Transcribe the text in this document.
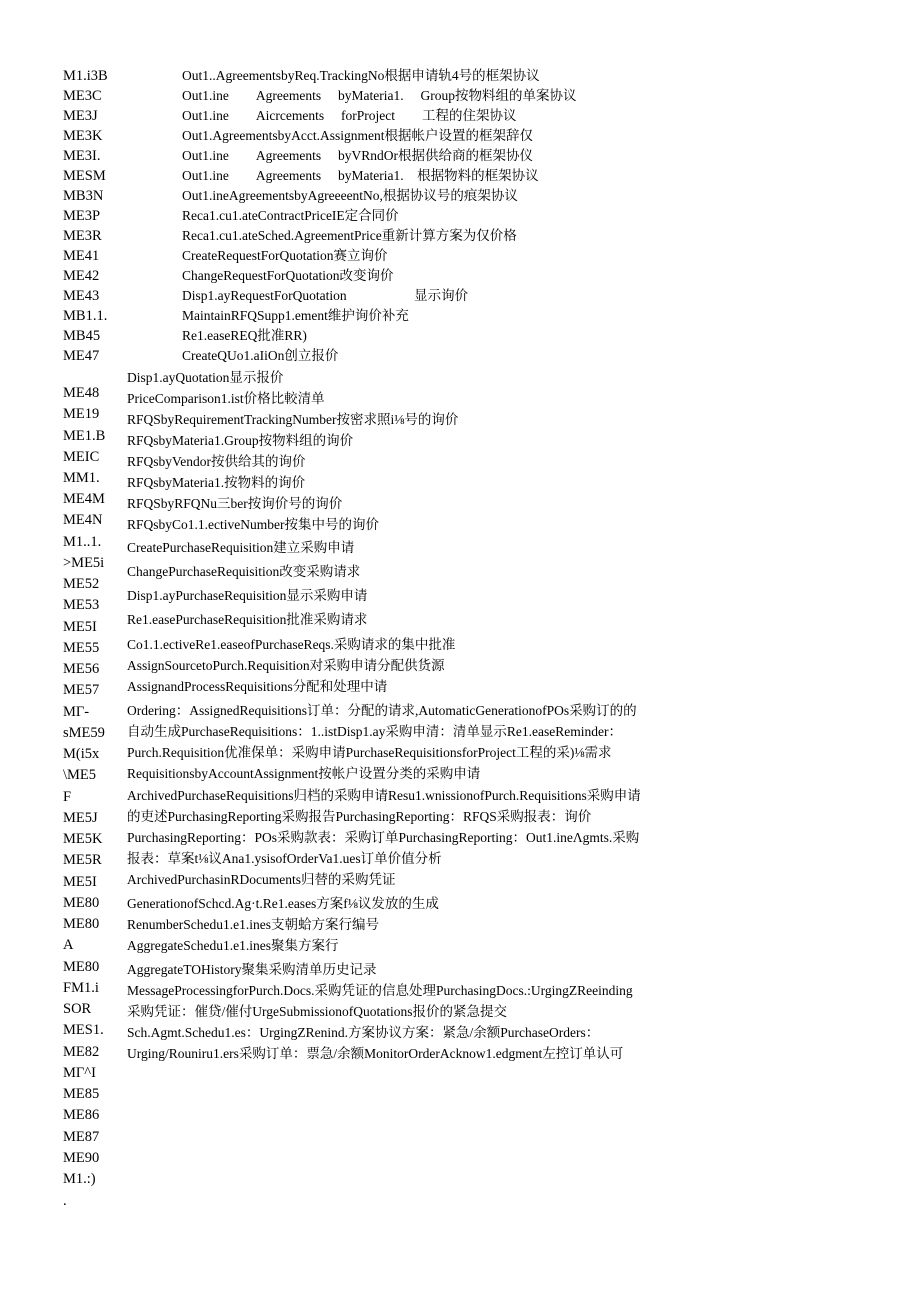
M1.i3B
ME3C
ME3J
ME3K
ME3I.
MESM
MB3N
ME3P
ME3R
ME41
ME42
ME43
MB1.1.
MB45
ME47
ME48
ME19
ME1.B
MEIC
MM1.
ME4M
ME4N
M1..1.
>ME5i
ME52
ME53
ME5I
ME55
ME56
ME57
MΓ-
sME59
M(i5x
\ME5
F
ME5J
ME5K
ME5R
ME5I
ME80
ME80
A
ME80
FM1.i
SOR
MES1.
ME82
MΓ^I
ME85
ME86
ME87
ME90
M1.:)
.
Out1..AgreementsbyReq.TrackingNo根据申请轨4号的框架协议
Out1.ine　　Agreements　 byMateria1.　 Group按物料组的单案协议
Out1.ine　　Aicrcements　 forProject　　工程的住架协议
Out1.AgreementsbyAcct.Assignment根据帐户设置的框架辞仅
Out1.ine　　Agreements　 byVRndOr根据供给商的框架协仪
Out1.ine　　Agreements　 byMateria1.　根据物料的框架协议
Out1.ineAgreementsbyAgreeeentNo,根据协议号的痕架协议
Reca1.cu1.ateContractPriceIE定合同价
Reca1.cu1.ateSched.AgreementPrice重新计算方案为仅价格
CreateRequestForQuotation赛立询价
ChangeRequestForQuotation改变询价
Disp1.ayRequestForQuotation　　　　　显示询价
MaintainRFQSupp1.ement维护询价补充
Re1.easeREQ批准RR)
CreateQUo1.aIiOn创立报价
Disp1.ayQuotation显示报价
PriceComparison1.ist价格比較清单
RFQSbyRequirementTrackingNumber按密求照i⅛号的询价
RFQsbyMateria1.Group按物料组的询价
RFQsbyVendor按供给其的询价
RFQsbyMateria1.按物料的询价
RFQSbyRFQNu三ber按询价号的询价
RFQsbyCo1.1.ectiveNumber按集中号的询价
CreatePurchaseRequisition建立采购申请
ChangePurchaseRequisition改变采购请求
Disp1.ayPurchaseRequisition显示采购申请
Re1.easePurchaseRequisition批准采购请求
Co1.1.ectiveRe1.easeofPurchaseReqs.采购请求的集中批准
AssignSourcetoPurch.Requisition对采购申请分配供货源
AssignandProcessRequisitions分配和处理中请
Ordering：AssignedRequisitions订单：分配的请求,AutomaticGenerationofPOs采购订的的
自动生成PurchaseRequisitions：1..istDisp1.ay采购申清：清单显示Re1.easeReminder：
Purch.Requisition优准保单：采购申请PurchaseRequisitionsforProject工程的采)⅛需求
RequisitionsbyAccountAssignment按帐户设置分类的采购申请
ArchivedPurchaseRequisitions归档的采购申请Resu1.wnissionofPurch.Requisitions采购申请
的吏述PurchasingReporting采购报告PurchasingReporting：RFQS采购报表：询价
PurchasingReporting：POs采购款表：采购订单PurchasingReporting：Out1.ineΛgmts.采购
报表：草案t⅛议Ana1.ysisofOrderVa1.ues订单价值分析
ArchivedPurchasinRDocuments归替的采购凭证
GenerationofSchcd.Ag·t.Re1.eases方案f⅛议发放的生成
RenumberSchedu1.e1.ines支朝蛤方案行编号
AggregateSchedu1.e1.ines聚集方案行
AggregateTOHistory聚集采购清单历史记录
MessageProcessingforPurch.Docs.采购凭证的信息处理PurchasingDocs.:UrgingZReeinding
采购凭证：催贷/催付UrgeSubmissionofQuotations报价的紧急提交
Sch.Agmt.Schedu1.es：UrgingZRenind.方案协议方案：紧急/余额PurchaseOrders：
Urging/Rouniru1.ers采购订单：票急/余额MonitorOrderAcknow1.edgment左控订单认可
